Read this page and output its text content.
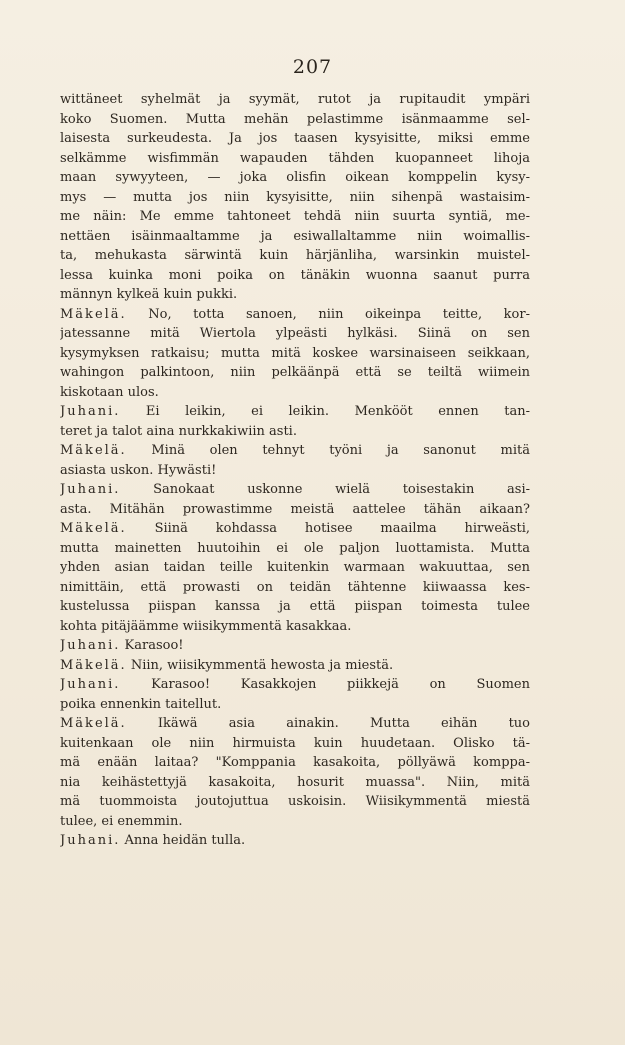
207
wittäneet syhelmät ja syymät, rutot ja rupitaudit ympäri
koko Suomen. Mutta mehän pelastimme isänmaamme sel-
laisesta surkeudesta. Ja jos taasen kysyisitte, miksi emme
selkämme wisfimmän wapauden tähden kuopanneet lihoja
maan sywyyteen, — joka olisfin oikean komppelin kysy-
mys — mutta jos niin kysyisitte, niin sihenpä wastaisim-
me näin: Me emme tahtoneet tehdä niin suurta syntiä, me-
nettäen isäinmaaltamme ja esiwallaltamme niin woimallis-
ta, mehukasta särwintä kuin härjänliha, warsinkin muistel-
lessa kuinka moni poika on tänäkin wuonna saanut purra
männyn kylkeä kuin pukki.
Mäkelä. No, totta sanoen, niin oikeinpa teitte, kor-
jatessanne mitä Wiertola ylpeästi hylkäsi. Siinä on sen
kysymyksen ratkaisu; mutta mitä koskee warsinaiseen seikkaan,
wahingon palkintoon, niin pelkäänpä että se teiltä wiimein
kiskotaan ulos.
Juhani. Ei leikin, ei leikin. Menkööt ennen tan-
teret ja talot aina nurkkakiwiin asti.
Mäkelä. Minä olen tehnyt työni ja sanonut mitä
asiasta uskon. Hywästi!
Juhani.	Sanokaat uskonne wielä toisestakin asi-
asta. Mitähän prowastimme meistä aattelee tähän aikaan?
Mäkelä. Siinä kohdassa hotisee maailma hirweästi,
mutta mainetten huutoihin ei ole paljon luottamista. Mutta
yhden asian taidan teille kuitenkin warmaan wakuuttaa, sen
nimittäin, että prowasti on teidän tähtenne kiiwaassa kes-
kustelussa piispan kanssa ja että piispan toimesta tulee
kohta pitäjäämme wiisikymmentä kasakkaa.
Juhani. Karasoo!
Mäkelä. Niin, wiisikymmentä hewosta ja miestä.
Juhani. Karasoo! Kasakkojen piikkejä on Suomen
poika ennenkin taitellut.
Mäkelä. Ikäwä asia ainakin. Mutta eihän tuo
kuitenkaan ole niin hirmuista kuin huudetaan. Oliskо tä-
mä enään laitaa? "Komppania kasakoita, pöllyäwä komppa-
nia keihästettyjä kasakoita, hosurit muassa". Niin, mitä
mä tuommoista joutojuttua uskoisin. Wiisikymmentä miestä
tulee, ei enemmin.
Juhani. Anna heidän tulla.
